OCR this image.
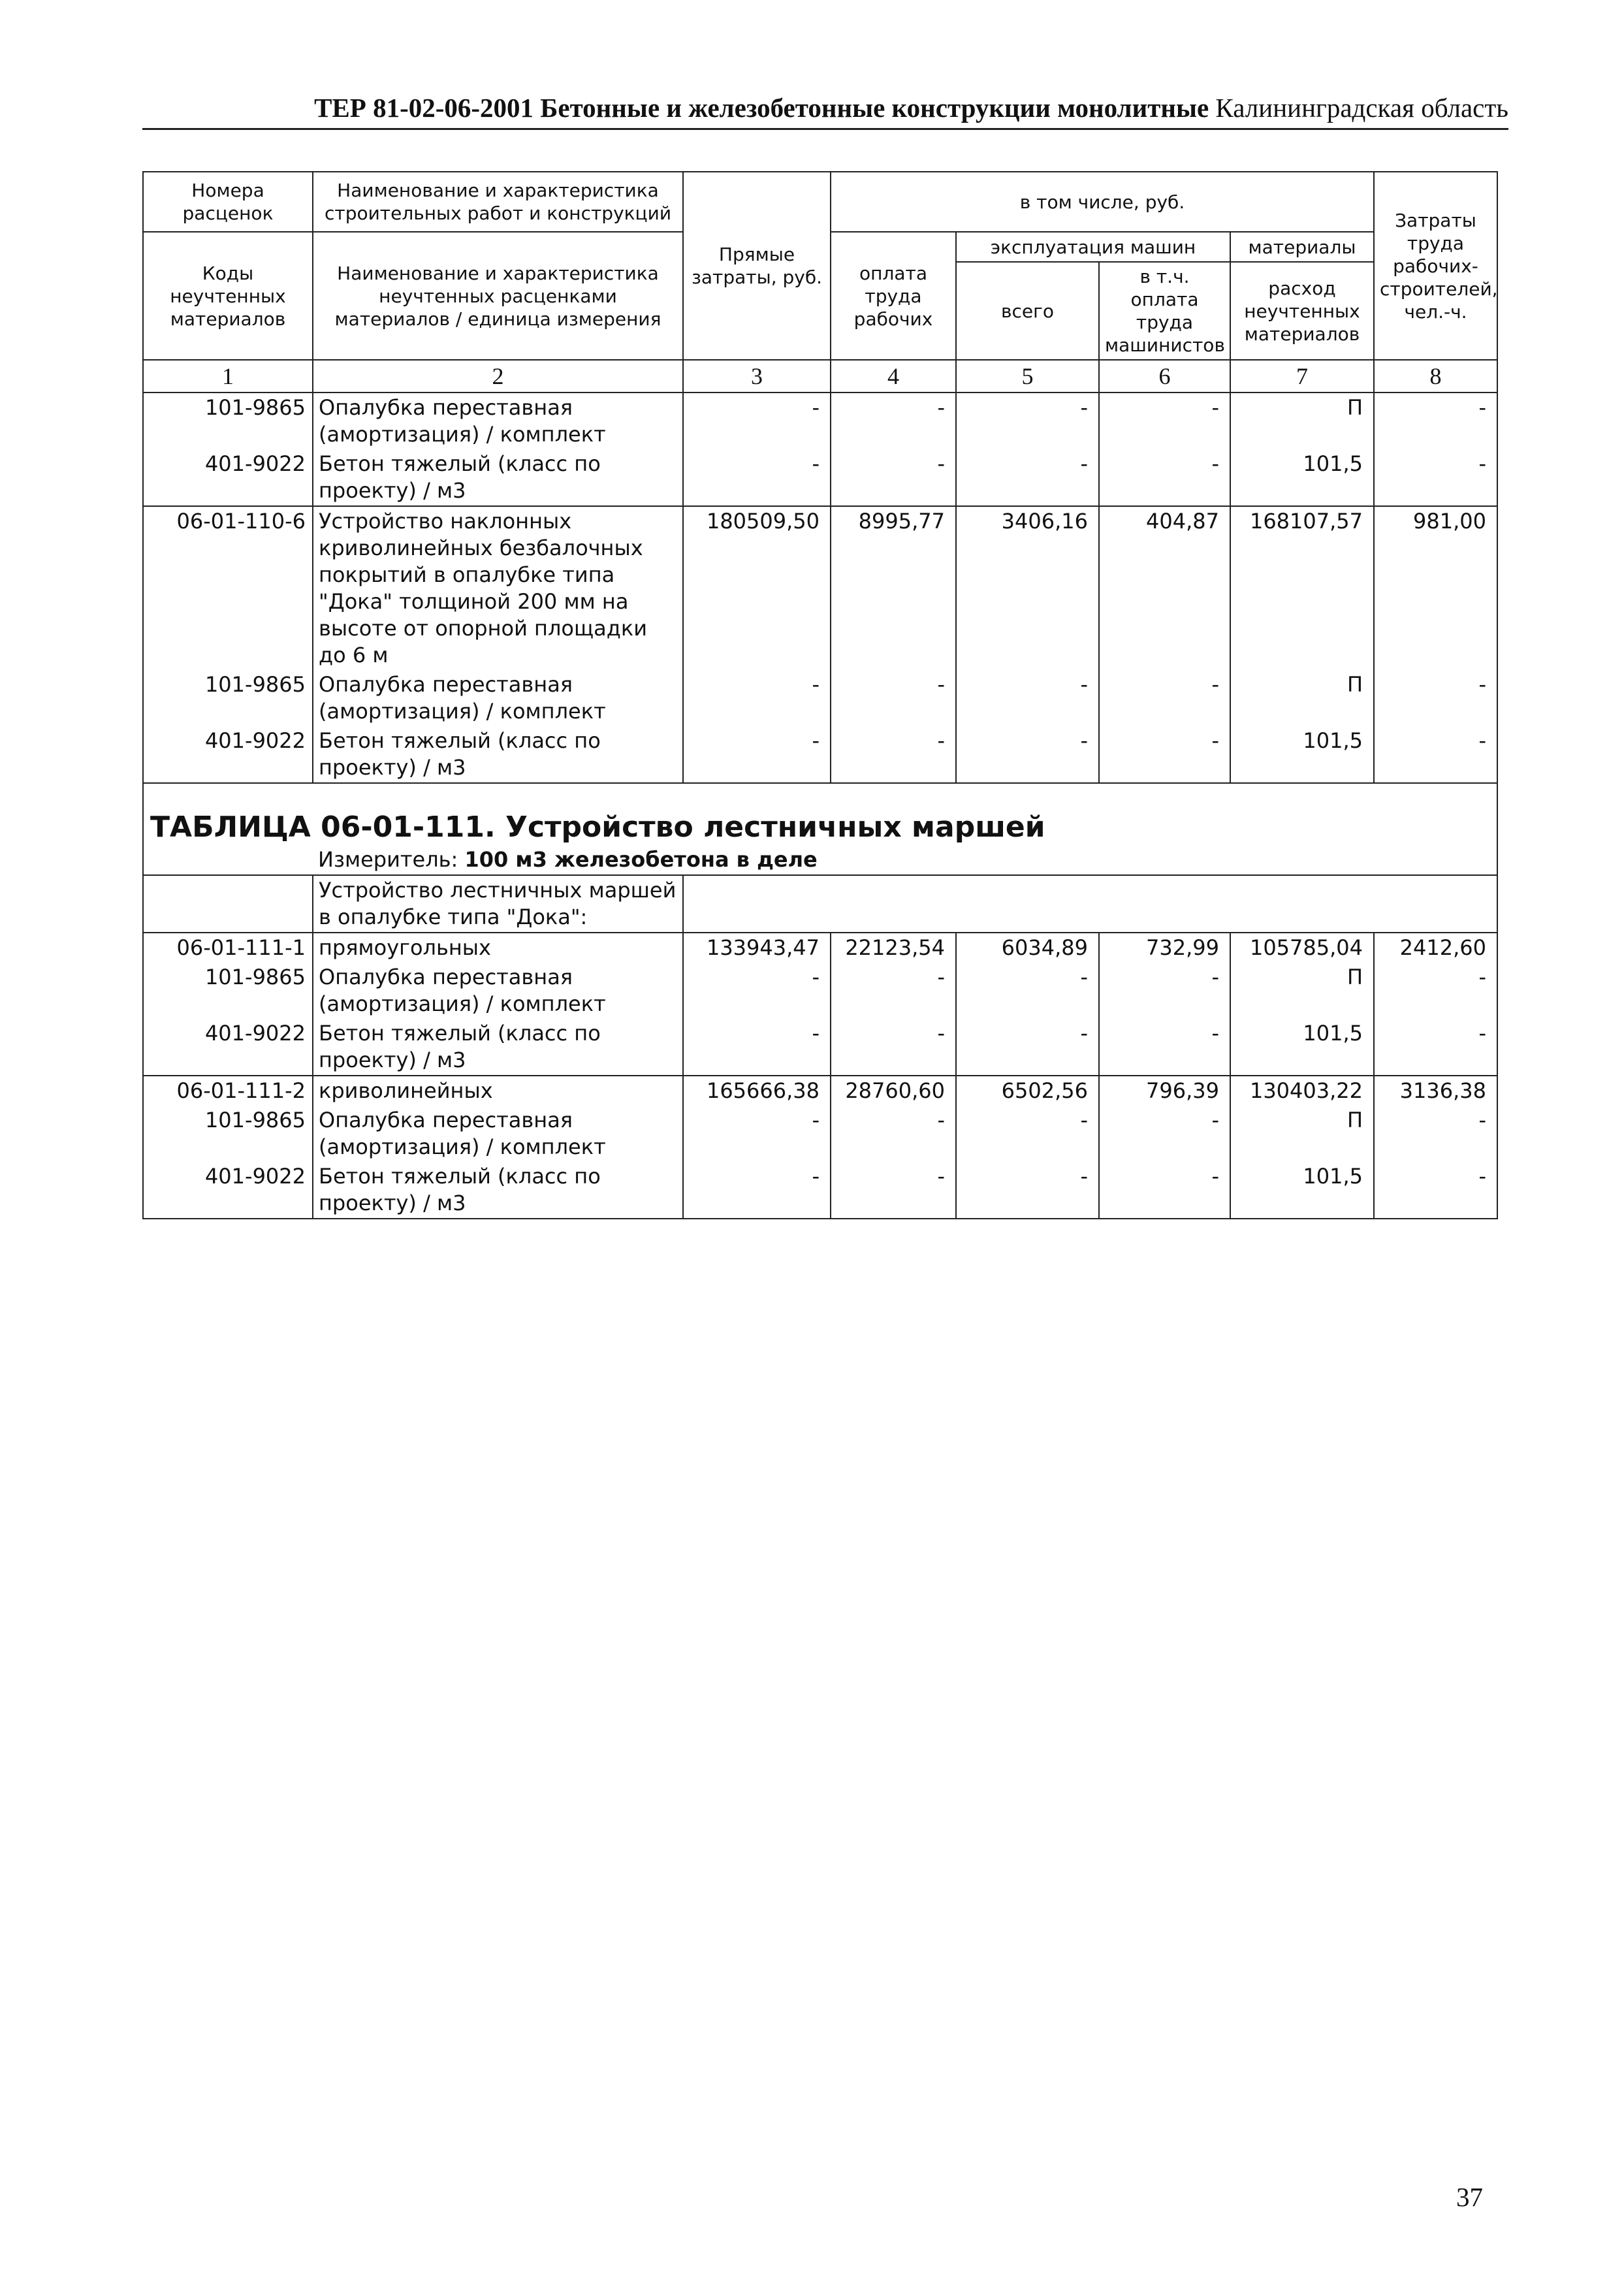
ТЕР 81-02-06-2001 Бетонные и железобетонные конструкции монолитные Калининградская область
Номера расценок	Наименование и характеристика строительных работ и конструкций	Прямые затраты, руб.	в том числе, руб.				Затраты труда рабочих-строителей, чел.-ч.
Коды неучтенных материалов	Наименование и характеристика неучтенных расценками материалов / единица измерения		оплата труда рабочих	эксплуатация машин		материалы	
				всего	в т.ч. оплата труда машинистов	расход неучтенных материалов	

1	2	3	4	5	6	7	8
101-9865	Опалубка переставная (амортизация) / комплект	-	-	-	-	П	-
401-9022	Бетон тяжелый (класс по проекту) / м3	-	-	-	-	101,5	-
06-01-110-6	Устройство наклонных криволинейных безбалочных покрытий в опалубке типа "Дока" толщиной 200 мм на высоте от опорной площадки до 6 м	180509,50	8995,77	3406,16	404,87	168107,57	981,00
101-9865	Опалубка переставная (амортизация) / комплект	-	-	-	-	П	-
401-9022	Бетон тяжелый (класс по проекту) / м3	-	-	-	-	101,5	-
ТАБЛИЦА 06-01-111. Устройство лестничных маршей							
	Измеритель: 100 м3 железобетона в деле						
	Устройство лестничных маршей в опалубке типа "Дока":						
06-01-111-1	прямоугольных	133943,47	22123,54	6034,89	732,99	105785,04	2412,60
101-9865	Опалубка переставная (амортизация) / комплект	-	-	-	-	П	-
401-9022	Бетон тяжелый (класс по проекту) / м3	-	-	-	-	101,5	-
06-01-111-2	криволинейных	165666,38	28760,60	6502,56	796,39	130403,22	3136,38
101-9865	Опалубка переставная (амортизация) / комплект	-	-	-	-	П	-
401-9022	Бетон тяжелый (класс по проекту) / м3	-	-	-	-	101,5	-
37
